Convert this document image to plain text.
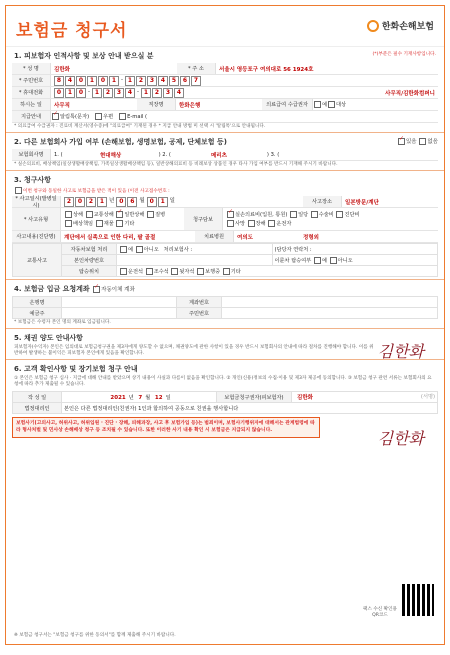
보험금 청구서	한화손해보험
1. 피보험자 인적사항 및 보상 안내 받으실 분	(*)부분은 필수 기재사항입니다.
* 성 명	김한화	* 주 소	서울시 영등포구 여의대로 56 1924호
* 주민번호	8	4	0	1	0	1 - 1	2	3	4	5	6	7
* 휴대전화	0	1	0 - 1	2	3	4 - 1	2	3	4	사무직/김한화컴퍼니
하시는 일	사무직	직장명	한화은행	의료급여 수급권자	예 대상
지급안내 ✓	알림톡(문자)	우편	E-mail (
* 의료급여 수급권자 : 진료비 계산서(영수증)에 "의료급여" 기재된 경우 * 지급 안내 방법 미 선택 시 '알림톡'으로 안내됩니다.
2. 다른 보험회사 가입 여부 (손해보험, 생명보험, 공제, 단체보험 등) ✓	있음 없음
보험회사명	1. (	현대해상	) 2. (	메리츠	) 3. (
* 실손의료비, 배상책임(일상생활배상책임, 가족일상생활배상책임 등), 일반상해의료비 등 비례보상 상품인 경우 타사 가입 여부를 반드시 기재해 주시기 바랍니다.
3. 청구사항
이번 청구와 동일한 사고로 보험금을 받은 적이 있음 (이전 사고접수번호 :
* 사고일시(발병일시)
2	0	2	1 년 0	6 월 0	1 일	사고장소	일본방문/계단
* 사고유형
상해 교통상해 ✓일반상해 질병
배상책임 재물 기타
청구담보
✓실손의료비(입원, 통원) 일당 수술비 진단비
사망 장해 운전자
사고내용(진단명)	계단에서 실족으로 인한 다리, 팔 골절	치료병원	여의도	정형외
교통사고	자동차보험 처리	예 아니오 처리보험사 :	(담당자 연락처 :
	본인차량번호		이륜차 탑승여부 예 아니오
	탑승위치	운전석 조수석 뒷자석 보행중 기타	
4. 보험금 입금 요청계좌 ✓ 자동이체 계좌
은행명		계좌번호	
예금주		주민번호	
* 보험금은 수령자 본인 명의 계좌로 입금됩니다.
5. 채권 양도 안내사항
피보험자(수익자) 본인은 임의대로 보험금청구권을 제3자에게 양도할 수 없으며, 채권양도에 관한 사항이 있을 경우 반드시 보험회사의 안내에 따라 절차를 진행해야 합니다. 이를 위반하여 발생하는 불이익은 피보험자 본인에게 있음을 확인합니다.	김한화
6. 고객 확인사항 및 장기보험 청구 안내
① 본인은 보험금 청구 심사 · 지급에 대해 안내를 받았으며 상기 내용이 사실과 다름이 없음을 확인합니다. ② 개인(신용)정보의 수집·이용 및 제3자 제공에 동의합니다. ③ 보험금 청구 관련 서류는 보험회사의 요청에 따라 추가 제출될 수 있습니다.
작 성 일	2021 년 7 월 12 일	보험금청구권자(피보험자)	김한화 (서명)

법정대리인	본인은 다른 법정대리인(친권자) 1인과 합의하여 공동으로 친권을 행사합니다		
김한화
보험사기(고의사고, 허위사고, 허위입원 · 진단 · 장해, 피해과장, 사고 후 보험가입 등)는 범죄이며, 보험사기행위자에 대해서는 관계법령에 따라 형사처벌 및 민사상 손해배상 청구 등 조치될 수 있습니다. 또한 이러한 사기 내용 확인 시 보험금은 지급되지 않습니다.
팩스 수신 확인용 QR코드
※ 보험금 청구서는 "보험금 청구를 위한 동의서"를 함께 제출해 주시기 바랍니다.
